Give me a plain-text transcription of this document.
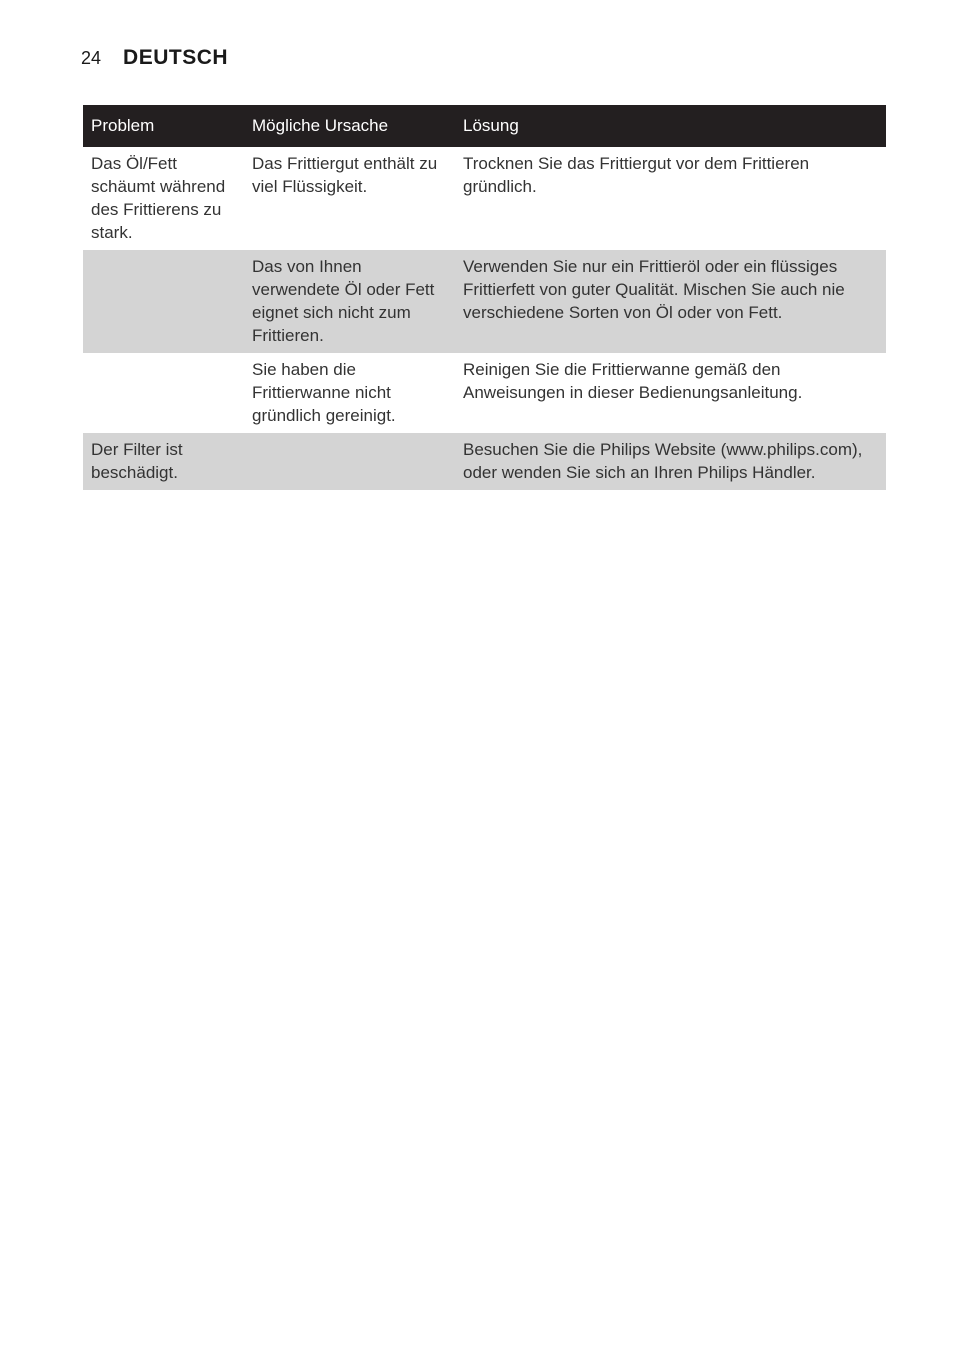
24 DEUTSCH
Problem	Mögliche Ursache	Lösung
Das Öl/Fett schäumt während des Frittierens zu stark.	Das Frittiergut enthält zu viel Flüssigkeit.	Trocknen Sie das Frittiergut vor dem Frittieren gründlich.
	Das von Ihnen verwendete Öl oder Fett eignet sich nicht zum Frittieren.	Verwenden Sie nur ein Frittieröl oder ein flüssiges Frittierfett von guter Qualität. Mischen Sie auch nie verschiedene Sorten von Öl oder von Fett.
	Sie haben die Frittierwanne nicht gründlich gereinigt.	Reinigen Sie die Frittierwanne gemäß den Anweisungen in dieser Bedienungsanleitung.
Der Filter ist beschädigt.		Besuchen Sie die Philips Website (www.philips.com), oder wenden Sie sich an Ihren Philips Händler.
